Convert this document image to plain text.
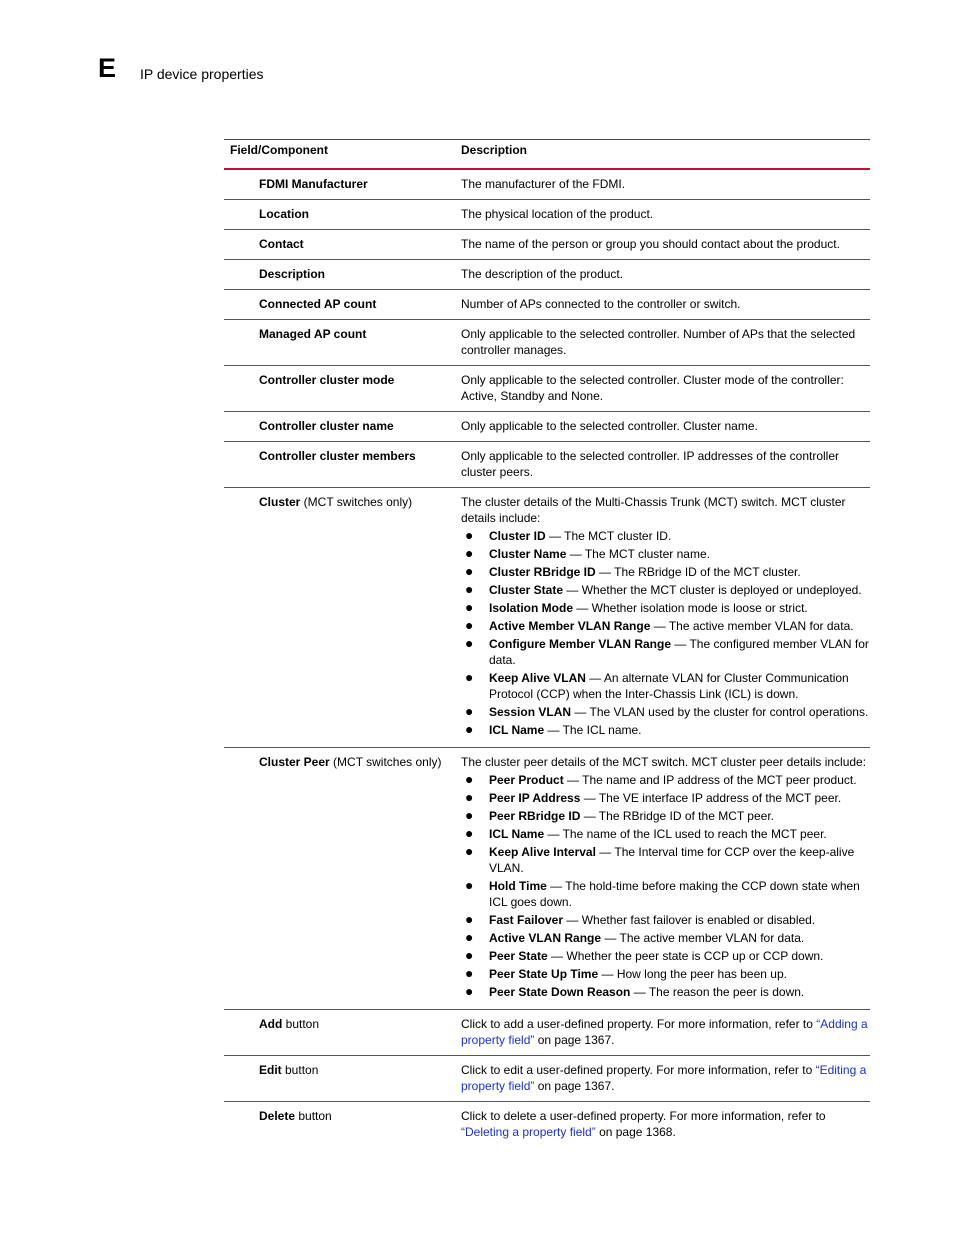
E IP device properties
Field/Component	Description
FDMI Manufacturer	The manufacturer of the FDMI.
Location	The physical location of the product.
Contact	The name of the person or group you should contact about the product.
Description	The description of the product.
Connected AP count	Number of APs connected to the controller or switch.
Managed AP count	Only applicable to the selected controller. Number of APs that the selected controller manages.
Controller cluster mode	Only applicable to the selected controller. Cluster mode of the controller: Active, Standby and None.
Controller cluster name	Only applicable to the selected controller. Cluster name.
Controller cluster members	Only applicable to the selected controller. IP addresses of the controller cluster peers.
Cluster (MCT switches only)	The cluster details of the Multi-Chassis Trunk (MCT) switch. MCT cluster details include:
● Cluster ID — The MCT cluster ID.
● Cluster Name — The MCT cluster name.
● Cluster RBridge ID — The RBridge ID of the MCT cluster.
● Cluster State — Whether the MCT cluster is deployed or undeployed.
● Isolation Mode — Whether isolation mode is loose or strict.
● Active Member VLAN Range — The active member VLAN for data.
● Configure Member VLAN Range — The configured member VLAN for data.
● Keep Alive VLAN — An alternate VLAN for Cluster Communication Protocol (CCP) when the Inter-Chassis Link (ICL) is down.
● Session VLAN — The VLAN used by the cluster for control operations.
● ICL Name — The ICL name.
Cluster Peer (MCT switches only)	The cluster peer details of the MCT switch. MCT cluster peer details include:
● Peer Product — The name and IP address of the MCT peer product.
● Peer IP Address — The VE interface IP address of the MCT peer.
● Peer RBridge ID — The RBridge ID of the MCT peer.
● ICL Name — The name of the ICL used to reach the MCT peer.
● Keep Alive Interval — The Interval time for CCP over the keep-alive VLAN.
● Hold Time — The hold-time before making the CCP down state when ICL goes down.
● Fast Failover — Whether fast failover is enabled or disabled.
● Active VLAN Range — The active member VLAN for data.
● Peer State — Whether the peer state is CCP up or CCP down.
● Peer State Up Time — How long the peer has been up.
● Peer State Down Reason — The reason the peer is down.
Add button	Click to add a user-defined property. For more information, refer to “Adding a property field” on page 1367.
Edit button	Click to edit a user-defined property. For more information, refer to “Editing a property field” on page 1367.
Delete button	Click to delete a user-defined property. For more information, refer to “Deleting a property field” on page 1368.
